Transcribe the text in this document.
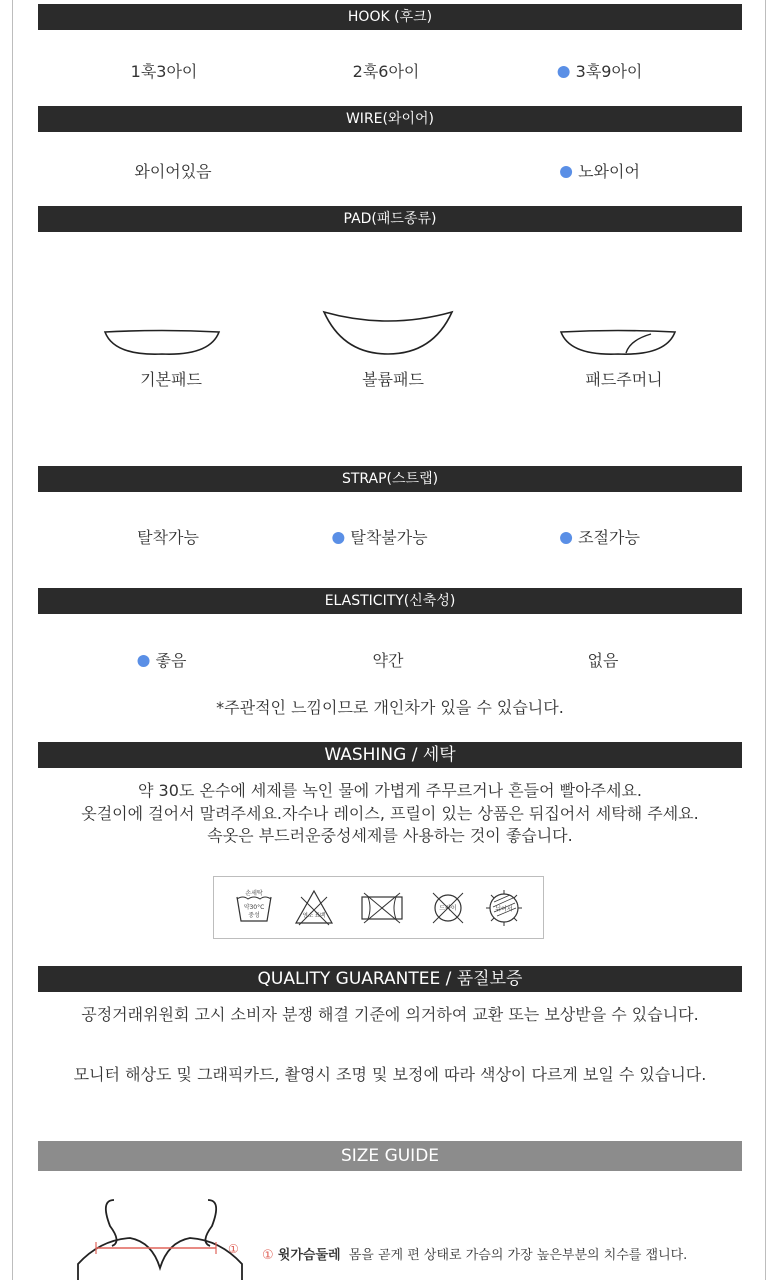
HOOK (후크)
1훅3아이	2훅6아이	3훅9아이
WIRE(와이어)
와이어있음	노와이어
PAD(패드종류)
기본패드	볼륨패드	패드주머니
STRAP(스트랩)
탈착가능	탈착불가능	조절가능
ELASTICITY(신축성)
좋음	약간	없음
*주관적인 느낌이므로 개인차가 있을 수 있습니다.
WASHING / 세탁
약 30도 온수에 세제를 녹인 물에 가볍게 주무르거나 흔들어 빨아주세요.
옷걸이에 걸어서 말려주세요.자수나 레이스, 프릴이 있는 상품은 뒤집어서 세탁해 주세요.
속옷은 부드러운중성세제를 사용하는 것이 좋습니다.
손세탁
약30°C
중성	염소 표백
드라이	뉘어서
QUALITY GUARANTEE / 품질보증
공정거래위원회 고시 소비자 분쟁 해결 기준에 의거하여 교환 또는 보상받을 수 있습니다.
모니터 해상도 및 그래픽카드, 촬영시 조명 및 보정에 따라 색상이 다르게 보일 수 있습니다.
SIZE GUIDE
① ① 윗가슴둘레 몸을 곧게 편 상태로 가슴의 가장 높은부분의 치수를 잽니다.
